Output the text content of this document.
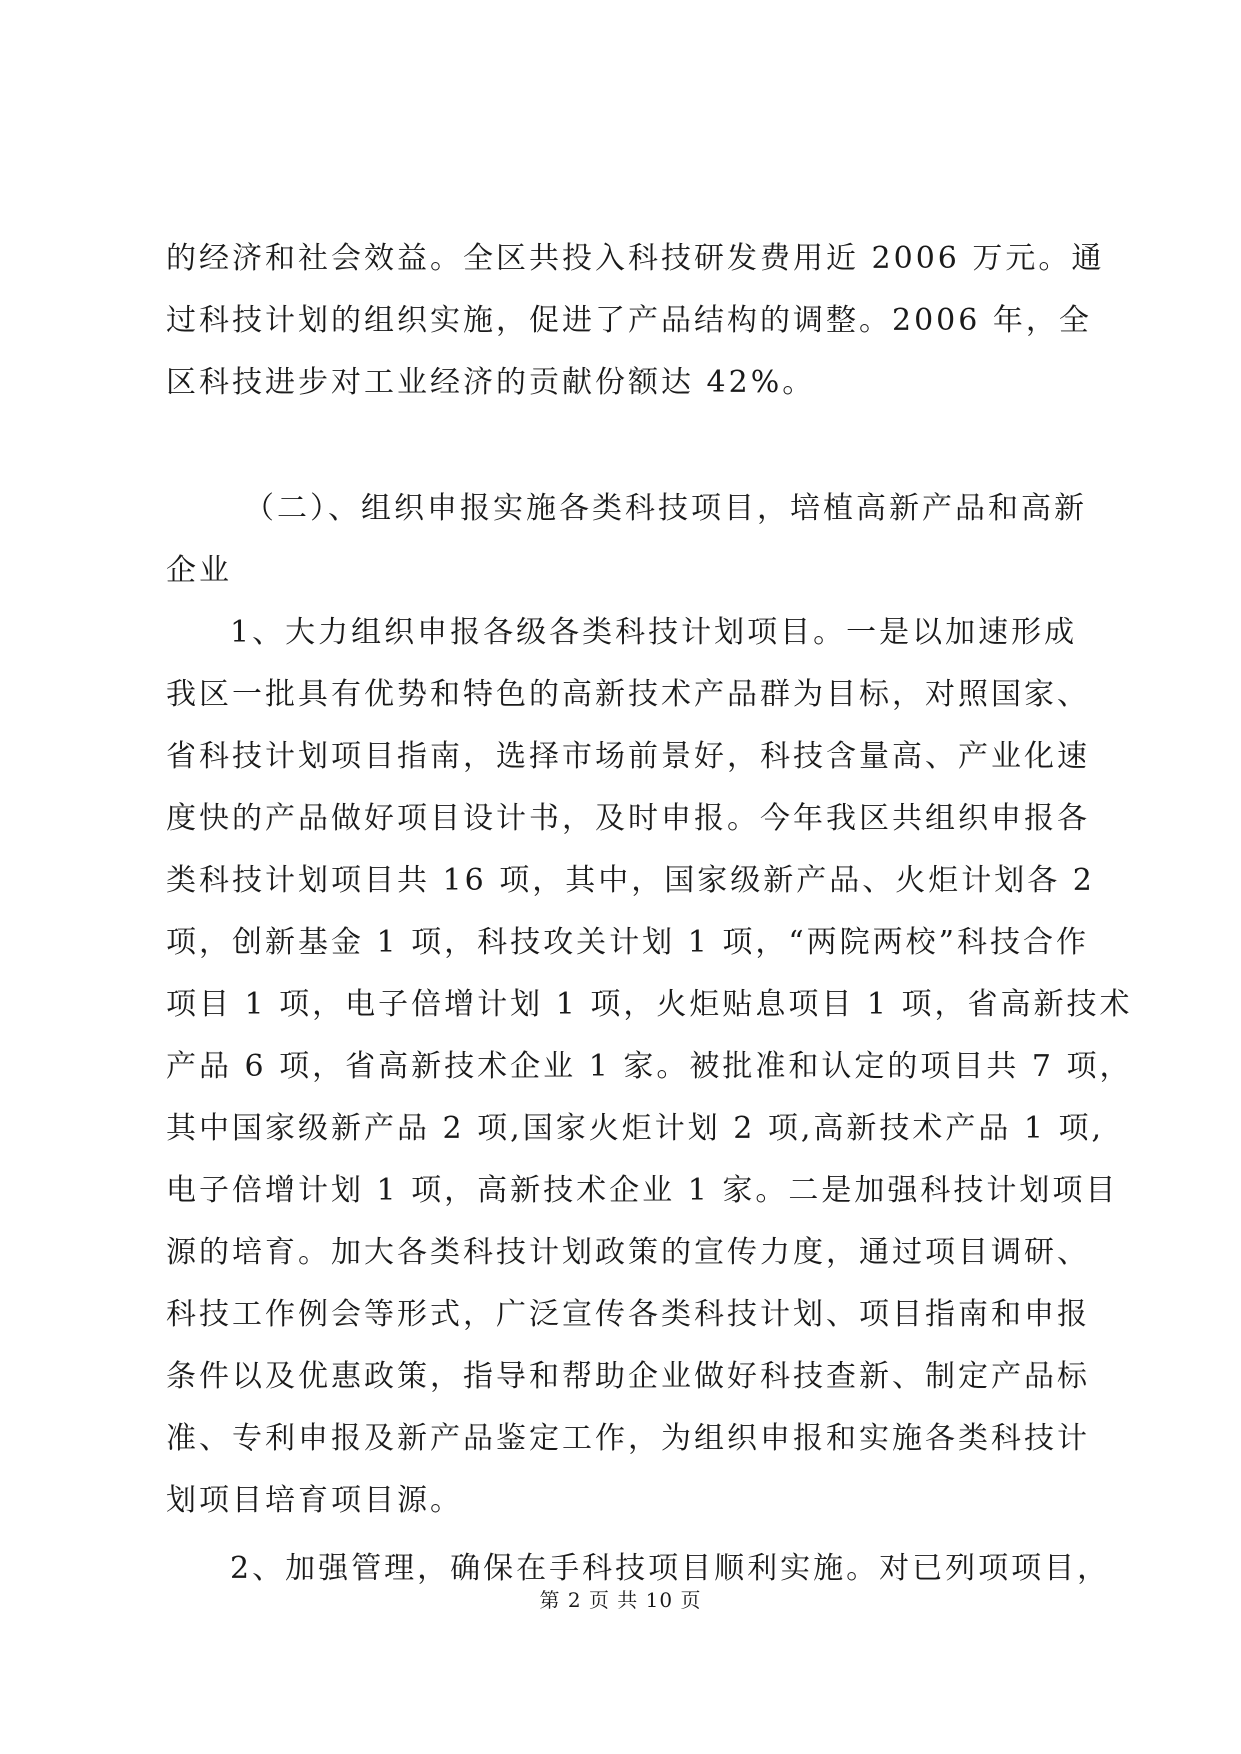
的经济和社会效益。全区共投入科技研发费用近 2006 万元。通
过科技计划的组织实施，促进了产品结构的调整。2006 年，全
区科技进步对工业经济的贡献份额达 42%。
（二）、组织申报实施各类科技项目，培植高新产品和高新
企业
1、大力组织申报各级各类科技计划项目。一是以加速形成
我区一批具有优势和特色的高新技术产品群为目标，对照国家、
省科技计划项目指南，选择市场前景好，科技含量高、产业化速
度快的产品做好项目设计书，及时申报。今年我区共组织申报各
类科技计划项目共 16 项，其中，国家级新产品、火炬计划各 2
项，创新基金 1 项，科技攻关计划 1 项，“两院两校”科技合作
项目 1 项，电子倍增计划 1 项，火炬贴息项目 1 项，省高新技术
产品 6 项，省高新技术企业 1 家。被批准和认定的项目共 7 项，
其中国家级新产品 2 项,国家火炬计划 2 项,高新技术产品 1 项,
电子倍增计划 1 项，高新技术企业 1 家。二是加强科技计划项目
源的培育。加大各类科技计划政策的宣传力度，通过项目调研、
科技工作例会等形式，广泛宣传各类科技计划、项目指南和申报
条件以及优惠政策，指导和帮助企业做好科技查新、制定产品标
准、专利申报及新产品鉴定工作，为组织申报和实施各类科技计
划项目培育项目源。
2、加强管理，确保在手科技项目顺利实施。对已列项项目，
第 2 页 共 10 页
